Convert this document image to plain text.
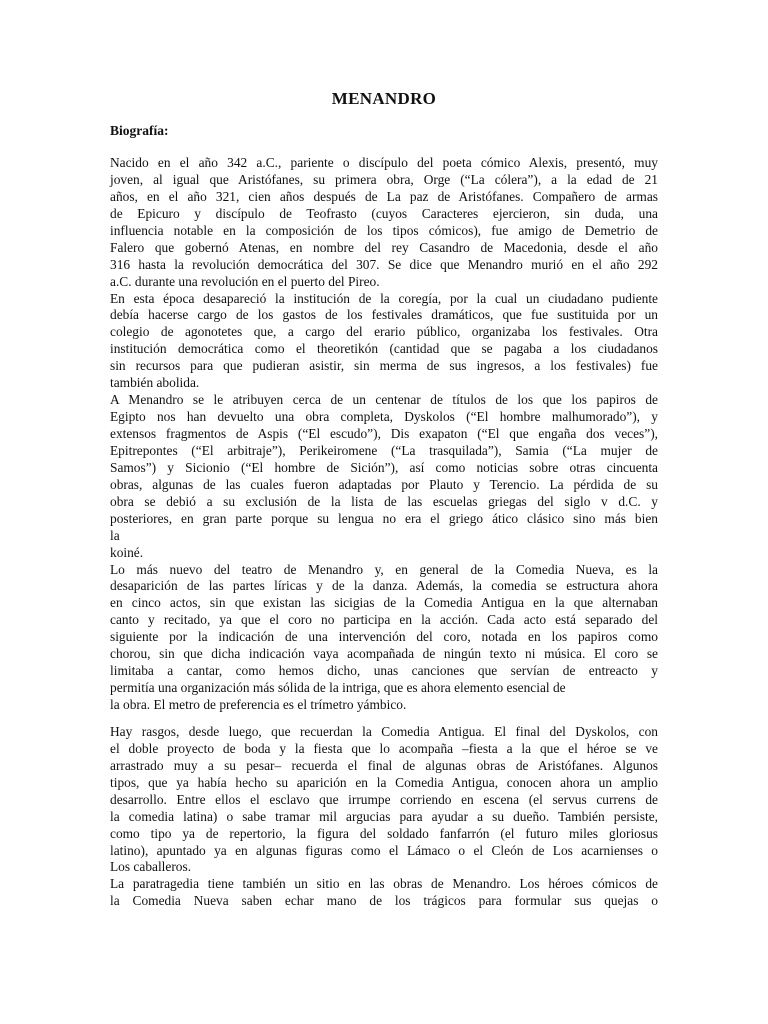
MENANDRO
Biografía:
Nacido en el año 342 a.C., pariente o discípulo del poeta cómico Alexis, presentó, muy
joven, al igual que Aristófanes, su primera obra, Orge (“La cólera”), a la edad de 21
años, en el año 321, cien años después de La paz de Aristófanes. Compañero de armas
de Epicuro y discípulo de Teofrasto (cuyos Caracteres ejercieron, sin duda, una
influencia notable en la composición de los tipos cómicos), fue amigo de Demetrio de
Falero que gobernó Atenas, en nombre del rey Casandro de Macedonia, desde el año
316 hasta la revolución democrática del 307. Se dice que Menandro murió en el año 292
a.C. durante una revolución en el puerto del Pireo.
En esta época desapareció la institución de la coregía, por la cual un ciudadano pudiente
debía hacerse cargo de los gastos de los festivales dramáticos, que fue sustituida por un
colegio de agonotetes que, a cargo del erario público, organizaba los festivales. Otra
institución democrática como el theoretikón (cantidad que se pagaba a los ciudadanos
sin recursos para que pudieran asistir, sin merma de sus ingresos, a los festivales) fue
también abolida.
A Menandro se le atribuyen cerca de un centenar de títulos de los que los papiros de
Egipto nos han devuelto una obra completa, Dyskolos (“El hombre malhumorado”), y
extensos fragmentos de Aspis (“El escudo”), Dis exapaton (“El que engaña dos veces”),
Epitrepontes (“El arbitraje”), Perikeiromene (“La trasquilada”), Samia (“La mujer de
Samos”) y Sicionio (“El hombre de Sición”), así como noticias sobre otras cincuenta
obras, algunas de las cuales fueron adaptadas por Plauto y Terencio. La pérdida de su
obra se debió a su exclusión de la lista de las escuelas griegas del siglo v d.C. y
posteriores, en gran parte porque su lengua no era el griego ático clásico sino más bien
la
koiné.
Lo más nuevo del teatro de Menandro y, en general de la Comedia Nueva, es la
desaparición de las partes líricas y de la danza. Además, la comedia se estructura ahora
en cinco actos, sin que existan las sicigias de la Comedia Antigua en la que alternaban
canto y recitado, ya que el coro no participa en la acción. Cada acto está separado del
siguiente por la indicación de una intervención del coro, notada en los papiros como
chorou, sin que dicha indicación vaya acompañada de ningún texto ni música. El coro se
limitaba a cantar, como hemos dicho, unas canciones que servían de entreacto y
permitía una organización más sólida de la intriga, que es ahora elemento esencial de
la obra. El metro de preferencia es el trímetro yámbico.
Hay rasgos, desde luego, que recuerdan la Comedia Antigua. El final del Dyskolos, con
el doble proyecto de boda y la fiesta que lo acompaña –fiesta a la que el héroe se ve
arrastrado muy a su pesar– recuerda el final de algunas obras de Aristófanes. Algunos
tipos, que ya había hecho su aparición en la Comedia Antigua, conocen ahora un amplio
desarrollo. Entre ellos el esclavo que irrumpe corriendo en escena (el servus currens de
la comedia latina) o sabe tramar mil argucias para ayudar a su dueño. También persiste,
como tipo ya de repertorio, la figura del soldado fanfarrón (el futuro miles gloriosus
latino), apuntado ya en algunas figuras como el Lámaco o el Cleón de Los acarnienses o
Los caballeros.
La paratragedia tiene también un sitio en las obras de Menandro. Los héroes cómicos de
la Comedia Nueva saben echar mano de los trágicos para formular sus quejas o
